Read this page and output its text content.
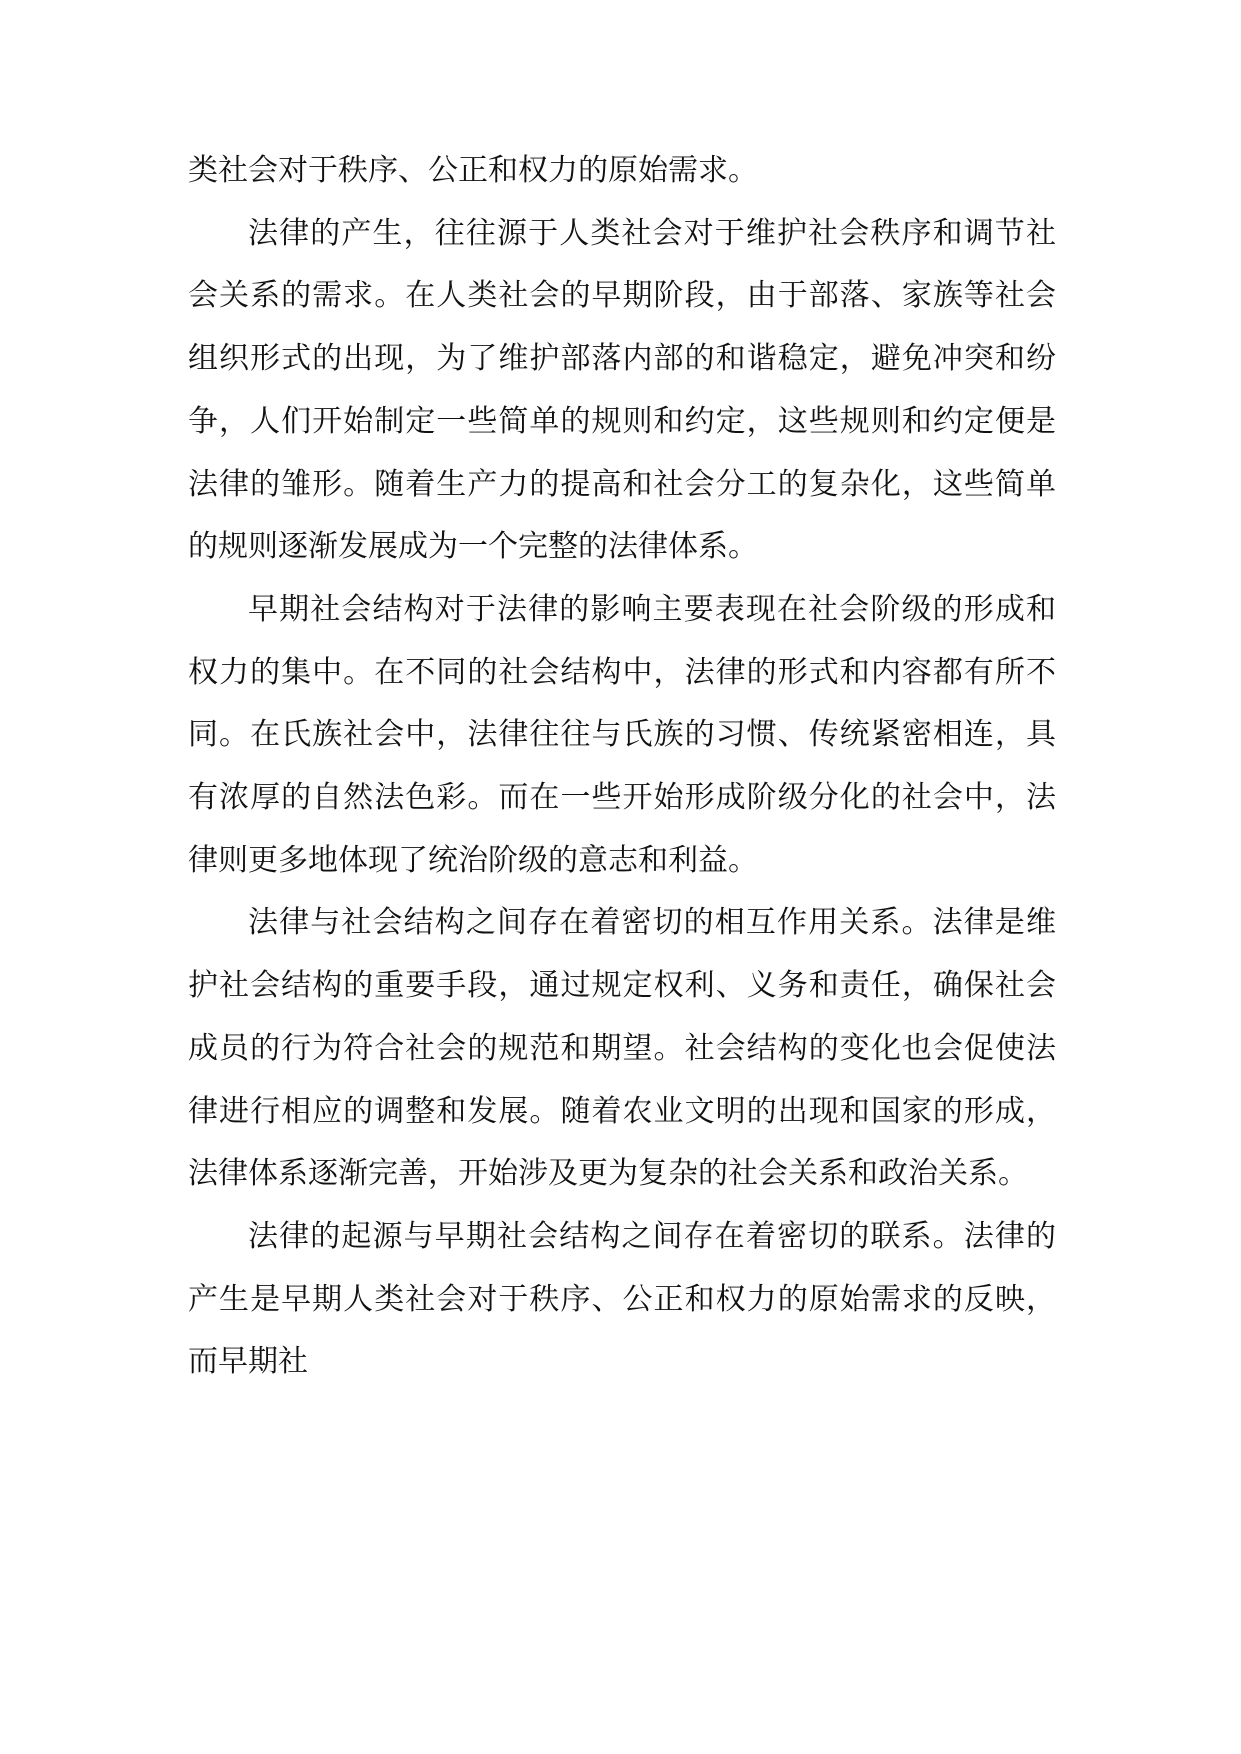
类社会对于秩序、公正和权力的原始需求。

法律的产生，往往源于人类社会对于维护社会秩序和调节社会关系的需求。在人类社会的早期阶段，由于部落、家族等社会组织形式的出现，为了维护部落内部的和谐稳定，避免冲突和纷争，人们开始制定一些简单的规则和约定，这些规则和约定便是法律的雏形。随着生产力的提高和社会分工的复杂化，这些简单的规则逐渐发展成为一个完整的法律体系。

早期社会结构对于法律的影响主要表现在社会阶级的形成和权力的集中。在不同的社会结构中，法律的形式和内容都有所不同。在氏族社会中，法律往往与氏族的习惯、传统紧密相连，具有浓厚的自然法色彩。而在一些开始形成阶级分化的社会中，法律则更多地体现了统治阶级的意志和利益。

法律与社会结构之间存在着密切的相互作用关系。法律是维护社会结构的重要手段，通过规定权利、义务和责任，确保社会成员的行为符合社会的规范和期望。社会结构的变化也会促使法律进行相应的调整和发展。随着农业文明的出现和国家的形成，法律体系逐渐完善，开始涉及更为复杂的社会关系和政治关系。

法律的起源与早期社会结构之间存在着密切的联系。法律的产生是早期人类社会对于秩序、公正和权力的原始需求的反映，而早期社
